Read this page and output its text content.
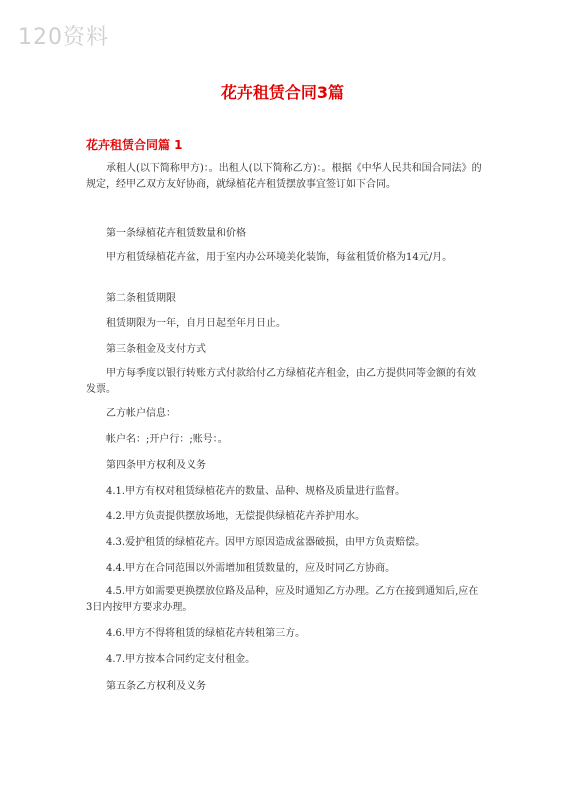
120资料
花卉租赁合同3篇
花卉租赁合同篇 1

承租人(以下简称甲方)：。出租人(以下简称乙方)：。根据《中华人民共和国合同法》的规定，经甲乙双方友好协商，就绿植花卉租赁摆放事宜签订如下合同。

第一条绿植花卉租赁数量和价格

甲方租赁绿植花卉盆，用于室内办公环境美化装饰，每盆租赁价格为14元/月。

第二条租赁期限

租赁期限为一年，自月日起至年月日止。

第三条租金及支付方式

甲方每季度以银行转账方式付款给付乙方绿植花卉租金，由乙方提供同等金额的有效发票。

乙方帐户信息：

帐户名：;开户行：;账号：。

第四条甲方权利及义务

4.1.甲方有权对租赁绿植花卉的数量、品种、规格及质量进行监督。

4.2.甲方负责提供摆放场地，无偿提供绿植花卉养护用水。

4.3.爱护租赁的绿植花卉。因甲方原因造成盆器破损，由甲方负责赔偿。

4.4.甲方在合同范围以外需增加租赁数量的，应及时同乙方协商。

4.5.甲方如需要更换摆放位路及品种，应及时通知乙方办理。乙方在接到通知后,应在3日内按甲方要求办理。

4.6.甲方不得将租赁的绿植花卉转租第三方。

4.7.甲方按本合同约定支付租金。

第五条乙方权利及义务
